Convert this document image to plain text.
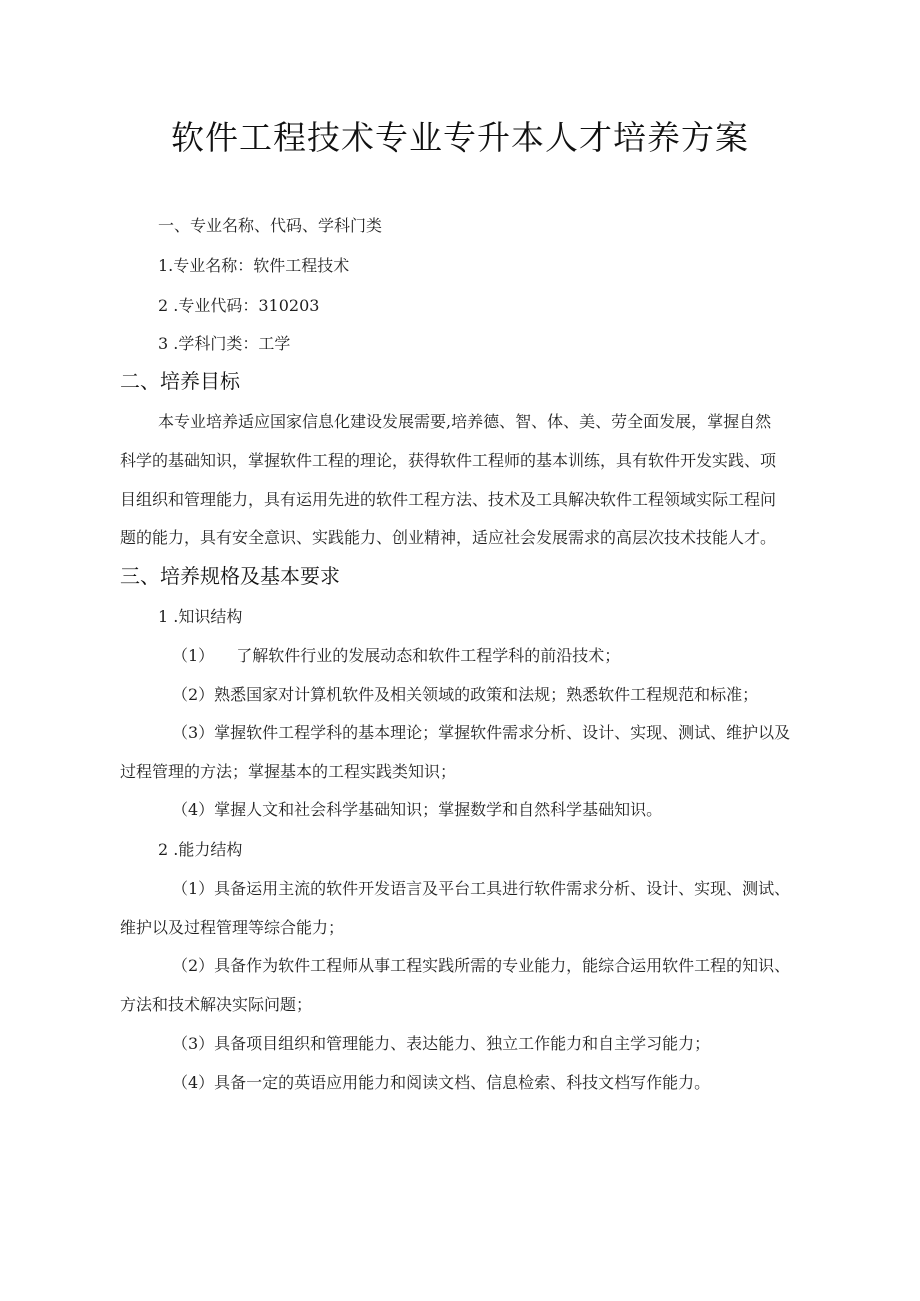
软件工程技术专业专升本人才培养方案
一、专业名称、代码、学科门类
1.专业名称：软件工程技术
2 .专业代码：310203
3 .学科门类：工学
二、培养目标
本专业培养适应国家信息化建设发展需要,培养德、智、体、美、劳全面发展，掌握自然
科学的基础知识，掌握软件工程的理论，获得软件工程师的基本训练，具有软件开发实践、项
目组织和管理能力，具有运用先进的软件工程方法、技术及工具解决软件工程领域实际工程问
题的能力，具有安全意识、实践能力、创业精神，适应社会发展需求的高层次技术技能人才。
三、培养规格及基本要求
1 .知识结构
（1） 了解软件行业的发展动态和软件工程学科的前沿技术；
（2）熟悉国家对计算机软件及相关领域的政策和法规；熟悉软件工程规范和标准；
（3）掌握软件工程学科的基本理论；掌握软件需求分析、设计、实现、测试、维护以及
过程管理的方法；掌握基本的工程实践类知识；
（4）掌握人文和社会科学基础知识；掌握数学和自然科学基础知识。
2 .能力结构
（1）具备运用主流的软件开发语言及平台工具进行软件需求分析、设计、实现、测试、
维护以及过程管理等综合能力；
（2）具备作为软件工程师从事工程实践所需的专业能力，能综合运用软件工程的知识、
方法和技术解决实际问题；
（3）具备项目组织和管理能力、表达能力、独立工作能力和自主学习能力；
（4）具备一定的英语应用能力和阅读文档、信息检索、科技文档写作能力。
